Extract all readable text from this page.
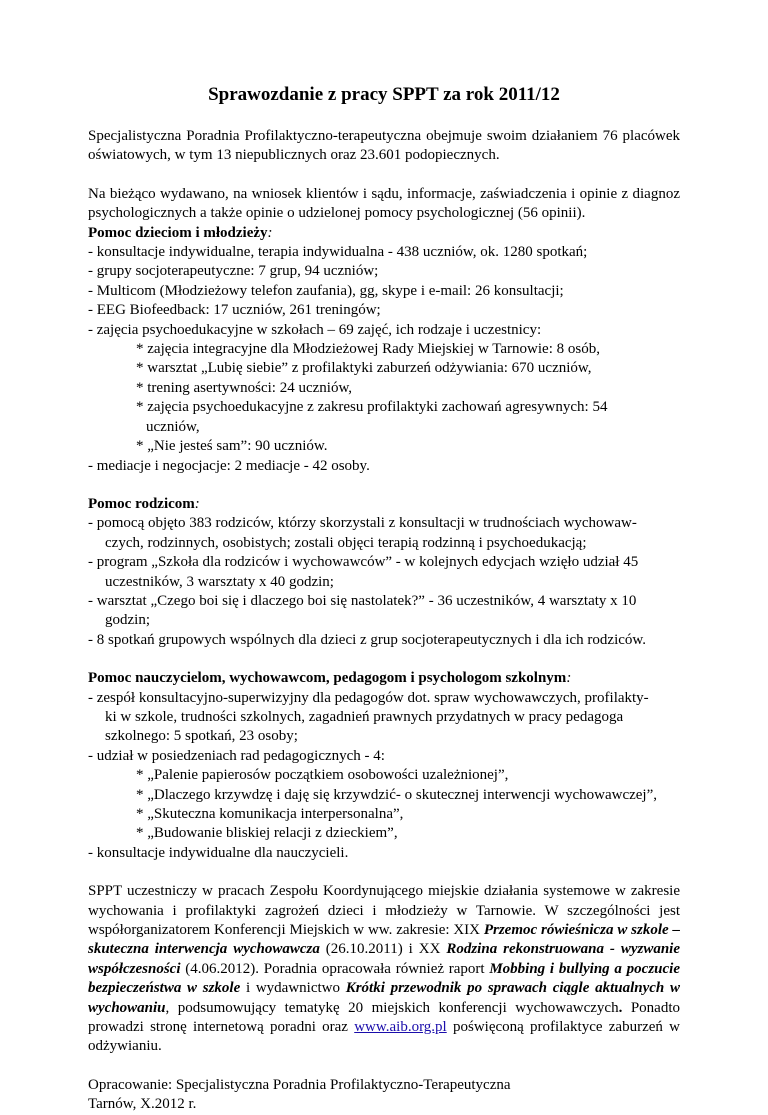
Sprawozdanie z pracy SPPT za rok 2011/12

Specjalistyczna Poradnia Profilaktyczno-terapeutyczna obejmuje swoim działaniem 76 placówek oświatowych, w tym 13 niepublicznych oraz 23.601 podopiecznych.

Na bieżąco wydawano, na wniosek klientów i sądu, informacje, zaświadczenia i opinie z diagnoz psychologicznych a także opinie o udzielonej pomocy psychologicznej (56 opinii).

Pomoc dzieciom i młodzieży:
- konsultacje indywidualne, terapia indywidualna - 438 uczniów, ok. 1280 spotkań;
- grupy socjoterapeutyczne: 7 grup, 94 uczniów;
- Multicom (Młodzieżowy telefon zaufania), gg, skype i e-mail: 26 konsultacji;
- EEG Biofeedback: 17 uczniów, 261 treningów;
- zajęcia psychoedukacyjne w szkołach – 69 zajęć, ich rodzaje i uczestnicy:
* zajęcia integracyjne dla Młodzieżowej Rady Miejskiej w Tarnowie: 8 osób,
* warsztat „Lubię siebie” z profilaktyki zaburzeń odżywiania: 670 uczniów,
* trening asertywności: 24 uczniów,
* zajęcia psychoedukacyjne z zakresu profilaktyki zachowań agresywnych: 54
uczniów,
* „Nie jesteś sam”: 90 uczniów.
- mediacje i negocjacje: 2 mediacje - 42 osoby.
Pomoc rodzicom:
- pomocą objęto 383 rodziców, którzy skorzystali z konsultacji w trudnościach wychowaw-
czych, rodzinnych, osobistych; zostali objęci terapią rodzinną i psychoedukacją;
- program „Szkoła dla rodziców i wychowawców” - w kolejnych edycjach wzięło udział 45
uczestników, 3 warsztaty x 40 godzin;
- warsztat „Czego boi się i dlaczego boi się nastolatek?” - 36 uczestników, 4 warsztaty x 10
godzin;
- 8 spotkań grupowych wspólnych dla dzieci z grup socjoterapeutycznych i dla ich rodziców.
Pomoc nauczycielom, wychowawcom, pedagogom i psychologom szkolnym:
- zespół konsultacyjno-superwizyjny dla pedagogów dot. spraw wychowawczych, profilakty-
ki w szkole, trudności szkolnych, zagadnień prawnych przydatnych w pracy pedagoga
szkolnego: 5 spotkań, 23 osoby;
- udział w posiedzeniach rad pedagogicznych - 4:
* „Palenie papierosów początkiem osobowości uzależnionej”,
* „Dlaczego krzywdzę i daję się krzywdzić- o skutecznej interwencji wychowawczej”,
* „Skuteczna komunikacja interpersonalna”,
* „Budowanie bliskiej relacji z dzieckiem”,
- konsultacje indywidualne dla nauczycieli.

SPPT uczestniczy w pracach Zespołu Koordynującego miejskie działania systemowe w zakresie wychowania i profilaktyki zagrożeń dzieci i młodzieży w Tarnowie. W szczególności jest współorganizatorem Konferencji Miejskich w ww. zakresie: XIX Przemoc rówieśnicza w szkole – skuteczna interwencja wychowawcza (26.10.2011) i XX Rodzina rekonstruowana - wyzwanie współczesności (4.06.2012). Poradnia opracowała również raport Mobbing i bullying a poczucie bezpieczeństwa w szkole i wydawnictwo Krótki przewodnik po sprawach ciągle aktualnych w wychowaniu, podsumowujący tematykę 20 miejskich konferencji wychowawczych. Ponadto prowadzi stronę internetową poradni oraz www.aib.org.pl poświęconą profilaktyce zaburzeń w odżywianiu.

Opracowanie: Specjalistyczna Poradnia Profilaktyczno-Terapeutyczna
Tarnów, X.2012 r.
